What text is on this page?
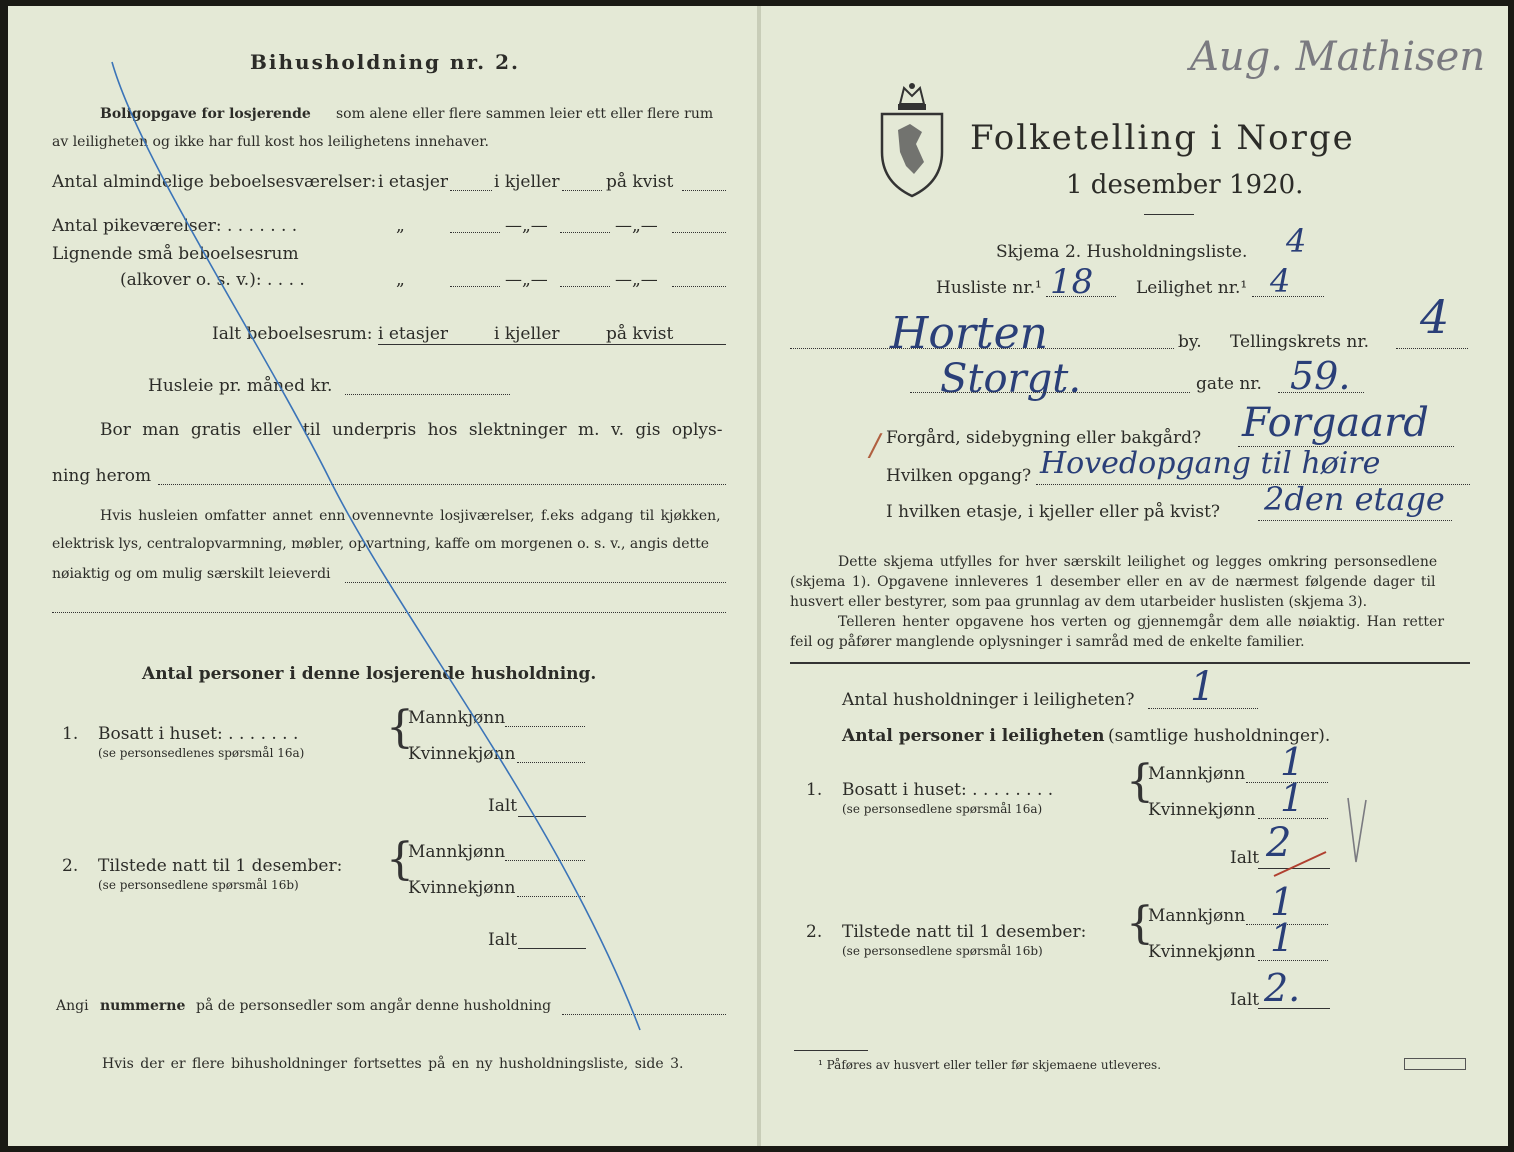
Bihusholdning nr. 2.
Boligopgave for losjerende som alene eller flere sammen leier ett eller flere rum
av leiligheten og ikke har full kost hos leilighetens innehaver.
Antal almindelige beboelsesværelser: i etasjer	i kjeller	på kvist
Antal pikeværelser: . . . . . . .	„	—„—	—„—
Lignende små beboelsesrum
(alkover o. s. v.): . . . .	„	—„—	—„—
Ialt beboelsesrum: i etasjer	i kjeller	på kvist
Husleie pr. måned kr.
Bor man gratis eller til underpris hos slektninger m. v. gis oplys-
ning herom
Hvis husleien omfatter annet enn ovennevnte losjiværelser, f.eks adgang til kjøkken,
elektrisk lys, centralopvarmning, møbler, opvartning, kaffe om morgenen o. s. v., angis dette
nøiaktig og om mulig særskilt leieverdi
Antal personer i denne losjerende husholdning.
1. Bosatt i huset: . . . . . . .
(se personsedlenes spørsmål 16a) {
Mannkjønn
Kvinnekjønn
Ialt
2. Tilstede natt til 1 desember:
(se personsedlene spørsmål 16b) {
Mannkjønn
Kvinnekjønn
Ialt
Angi nummerne på de personsedler som angår denne husholdning
Hvis der er flere bihusholdninger fortsettes på en ny husholdningsliste, side 3.
Folketelling i Norge
1 desember 1920.
Skjema 2. Husholdningsliste. 4
Husliste nr.¹ 18	Leilighet nr.¹ 4
Horten	by. Tellingskrets nr. 4
Storgt.	gate nr. 59.
/ Forgård, sidebygning eller bakgård? Forgaard
Hvilken opgang? Hovedopgang til høire
I hvilken etasje, i kjeller eller på kvist? 2den etage
Dette skjema utfylles for hver særskilt leilighet og legges omkring personsedlene
(skjema 1). Opgavene innleveres 1 desember eller en av de nærmest følgende dager til
husvert eller bestyrer, som paa grunnlag av dem utarbeider huslisten (skjema 3).
Telleren henter opgavene hos verten og gjennemgår dem alle nøiaktig. Han retter
feil og påfører manglende oplysninger i samråd med de enkelte familier.
Antal husholdninger i leiligheten? 1
Antal personer i leiligheten (samtlige husholdninger).
1. Bosatt i huset: . . . . . . . .
(se personsedlene spørsmål 16a)
{
Mannkjønn 1
Kvinnekjønn 1
Ialt 2
2. Tilstede natt til 1 desember:
(se personsedlene spørsmål 16b)
{
Mannkjønn 1
Kvinnekjønn 1
Ialt 2.
¹ Påføres av husvert eller teller før skjemaene utleveres.
Aug. Mathisen
